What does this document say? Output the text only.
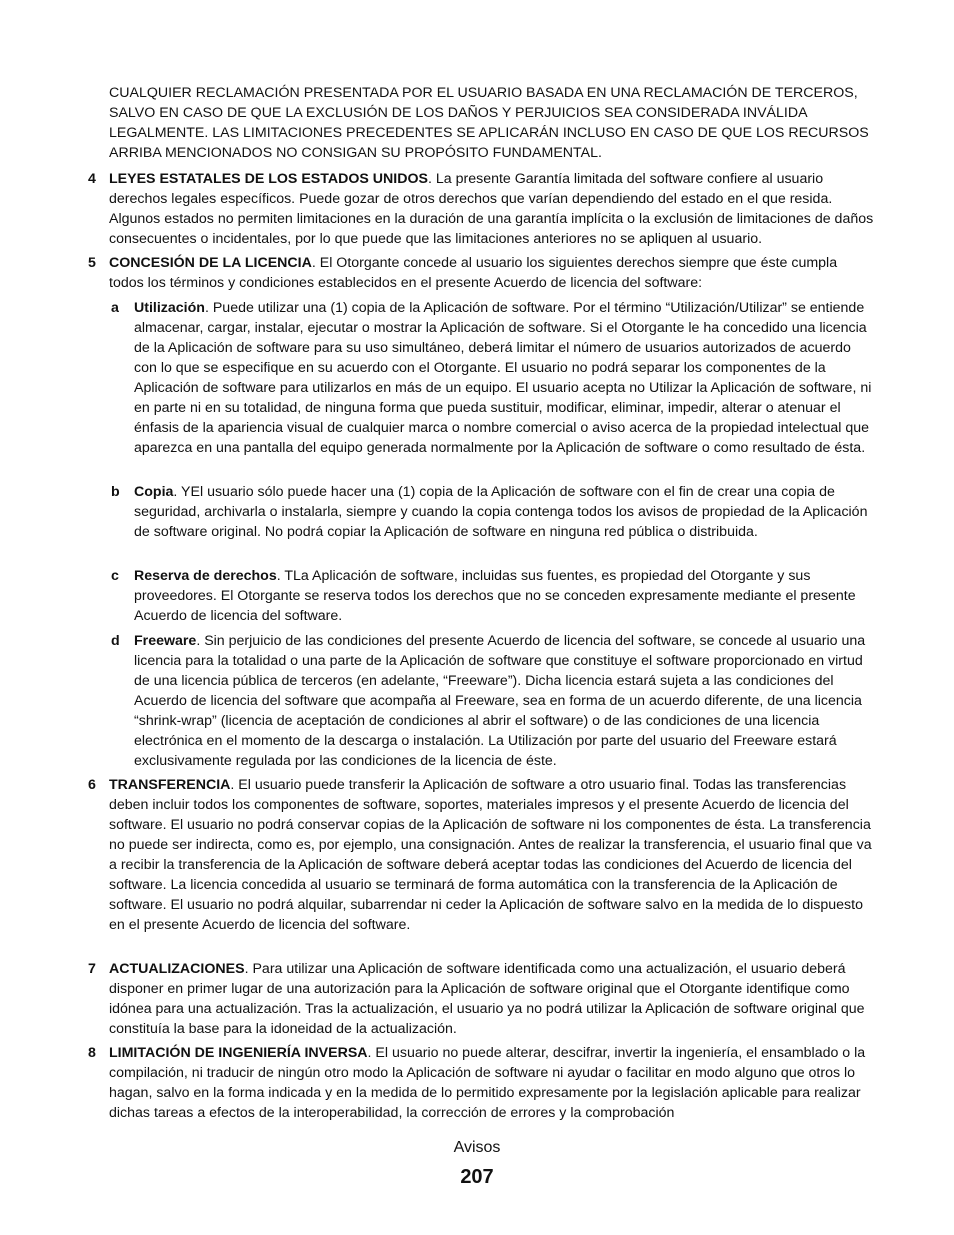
CUALQUIER RECLAMACIÓN PRESENTADA POR EL USUARIO BASADA EN UNA RECLAMACIÓN DE TERCEROS, SALVO EN CASO DE QUE LA EXCLUSIÓN DE LOS DAÑOS Y PERJUICIOS SEA CONSIDERADA INVÁLIDA LEGALMENTE. LAS LIMITACIONES PRECEDENTES SE APLICARÁN INCLUSO EN CASO DE QUE LOS RECURSOS ARRIBA MENCIONADOS NO CONSIGAN SU PROPÓSITO FUNDAMENTAL.

4 LEYES ESTATALES DE LOS ESTADOS UNIDOS. La presente Garantía limitada del software confiere al usuario derechos legales específicos. Puede gozar de otros derechos que varían dependiendo del estado en el que resida. Algunos estados no permiten limitaciones en la duración de una garantía implícita o la exclusión de limitaciones de daños consecuentes o incidentales, por lo que puede que las limitaciones anteriores no se apliquen al usuario.
5 CONCESIÓN DE LA LICENCIA. El Otorgante concede al usuario los siguientes derechos siempre que éste cumpla todos los términos y condiciones establecidos en el presente Acuerdo de licencia del software:
a Utilización. Puede utilizar una (1) copia de la Aplicación de software. Por el término “Utilización/Utilizar” se entiende almacenar, cargar, instalar, ejecutar o mostrar la Aplicación de software. Si el Otorgante le ha concedido una licencia de la Aplicación de software para su uso simultáneo, deberá limitar el número de usuarios autorizados de acuerdo con lo que se especifique en su acuerdo con el Otorgante. El usuario no podrá separar los componentes de la Aplicación de software para utilizarlos en más de un equipo. El usuario acepta no Utilizar la Aplicación de software, ni en parte ni en su totalidad, de ninguna forma que pueda sustituir, modificar, eliminar, impedir, alterar o atenuar el énfasis de la apariencia visual de cualquier marca o nombre comercial o aviso acerca de la propiedad intelectual que aparezca en una pantalla del equipo generada normalmente por la Aplicación de software o como resultado de ésta.
b Copia. YEl usuario sólo puede hacer una (1) copia de la Aplicación de software con el fin de crear una copia de seguridad, archivarla o instalarla, siempre y cuando la copia contenga todos los avisos de propiedad de la Aplicación de software original. No podrá copiar la Aplicación de software en ninguna red pública o distribuida.
c Reserva de derechos. TLa Aplicación de software, incluidas sus fuentes, es propiedad del Otorgante y sus proveedores. El Otorgante se reserva todos los derechos que no se conceden expresamente mediante el presente Acuerdo de licencia del software.
d Freeware. Sin perjuicio de las condiciones del presente Acuerdo de licencia del software, se concede al usuario una licencia para la totalidad o una parte de la Aplicación de software que constituye el software proporcionado en virtud de una licencia pública de terceros (en adelante, “Freeware”). Dicha licencia estará sujeta a las condiciones del Acuerdo de licencia del software que acompaña al Freeware, sea en forma de un acuerdo diferente, de una licencia “shrink-wrap” (licencia de aceptación de condiciones al abrir el software) o de las condiciones de una licencia electrónica en el momento de la descarga o instalación. La Utilización por parte del usuario del Freeware estará exclusivamente regulada por las condiciones de la licencia de éste.
6 TRANSFERENCIA. El usuario puede transferir la Aplicación de software a otro usuario final. Todas las transferencias deben incluir todos los componentes de software, soportes, materiales impresos y el presente Acuerdo de licencia del software. El usuario no podrá conservar copias de la Aplicación de software ni los componentes de ésta. La transferencia no puede ser indirecta, como es, por ejemplo, una consignación. Antes de realizar la transferencia, el usuario final que va a recibir la transferencia de la Aplicación de software deberá aceptar todas las condiciones del Acuerdo de licencia del software. La licencia concedida al usuario se terminará de forma automática con la transferencia de la Aplicación de software. El usuario no podrá alquilar, subarrendar ni ceder la Aplicación de software salvo en la medida de lo dispuesto en el presente Acuerdo de licencia del software.
7 ACTUALIZACIONES. Para utilizar una Aplicación de software identificada como una actualización, el usuario deberá disponer en primer lugar de una autorización para la Aplicación de software original que el Otorgante identifique como idónea para una actualización. Tras la actualización, el usuario ya no podrá utilizar la Aplicación de software original que constituía la base para la idoneidad de la actualización.
8 LIMITACIÓN DE INGENIERÍA INVERSA. El usuario no puede alterar, descifrar, invertir la ingeniería, el ensamblado o la compilación, ni traducir de ningún otro modo la Aplicación de software ni ayudar o facilitar en modo alguno que otros lo hagan, salvo en la forma indicada y en la medida de lo permitido expresamente por la legislación aplicable para realizar dichas tareas a efectos de la interoperabilidad, la corrección de errores y la comprobación
Avisos
207
